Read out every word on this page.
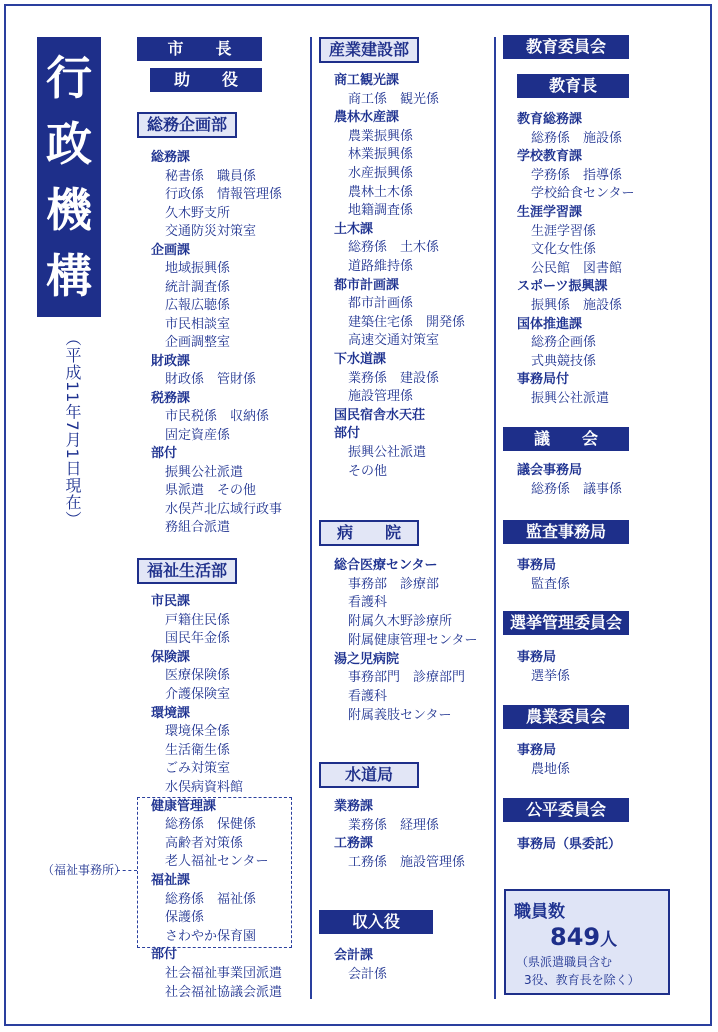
行
政
機
構
（平成11年7月1日現在）
市　　長
助　　役
総務企画部
総務課
秘書係　職員係
行政係　情報管理係
久木野支所
交通防災対策室
企画課
地域振興係
統計調査係
広報広聴係
市民相談室
企画調整室
財政課
財政係　管財係
税務課
市民税係　収納係
固定資産係
部付
振興公社派遣
県派遣　その他
水俣芦北広域行政事
務組合派遣
福祉生活部
市民課
戸籍住民係
国民年金係
保険課
医療保険係
介護保険室
環境課
環境保全係
生活衛生係
ごみ対策室
水俣病資料館
健康管理課
総務係　保健係
高齢者対策係
老人福祉センター
福祉課
総務係　福祉係
保護係
さわやか保育園
部付
社会福祉事業団派遣
社会福祉協議会派遣
（福祉事務所）
産業建設部
商工観光課
商工係　観光係
農林水産課
農業振興係
林業振興係
水産振興係
農林土木係
地籍調査係
土木課
総務係　土木係
道路維持係
都市計画課
都市計画係
建築住宅係　開発係
高速交通対策室
下水道課
業務係　建設係
施設管理係
国民宿舎水天荘
部付
振興公社派遣
その他
病　　院
総合医療センター
事務部　診療部
看護科
附属久木野診療所
附属健康管理センター
湯之児病院
事務部門　診療部門
看護科
附属義肢センター
水道局
業務課
業務係　経理係
工務課
工務係　施設管理係
収入役
会計課
会計係
教育委員会
教育長
教育総務課
総務係　施設係
学校教育課
学務係　指導係
学校給食センター
生涯学習課
生涯学習係
文化女性係
公民館　図書館
スポーツ振興課
振興係　施設係
国体推進課
総務企画係
式典競技係
事務局付
振興公社派遣
議　　会
議会事務局
総務係　議事係
監査事務局
事務局
監査係
選挙管理委員会
事務局
選挙係
農業委員会
事務局
農地係
公平委員会
事務局（県委託）
職員数
849人
（県派遣職員含む
3役、教育長を除く）
